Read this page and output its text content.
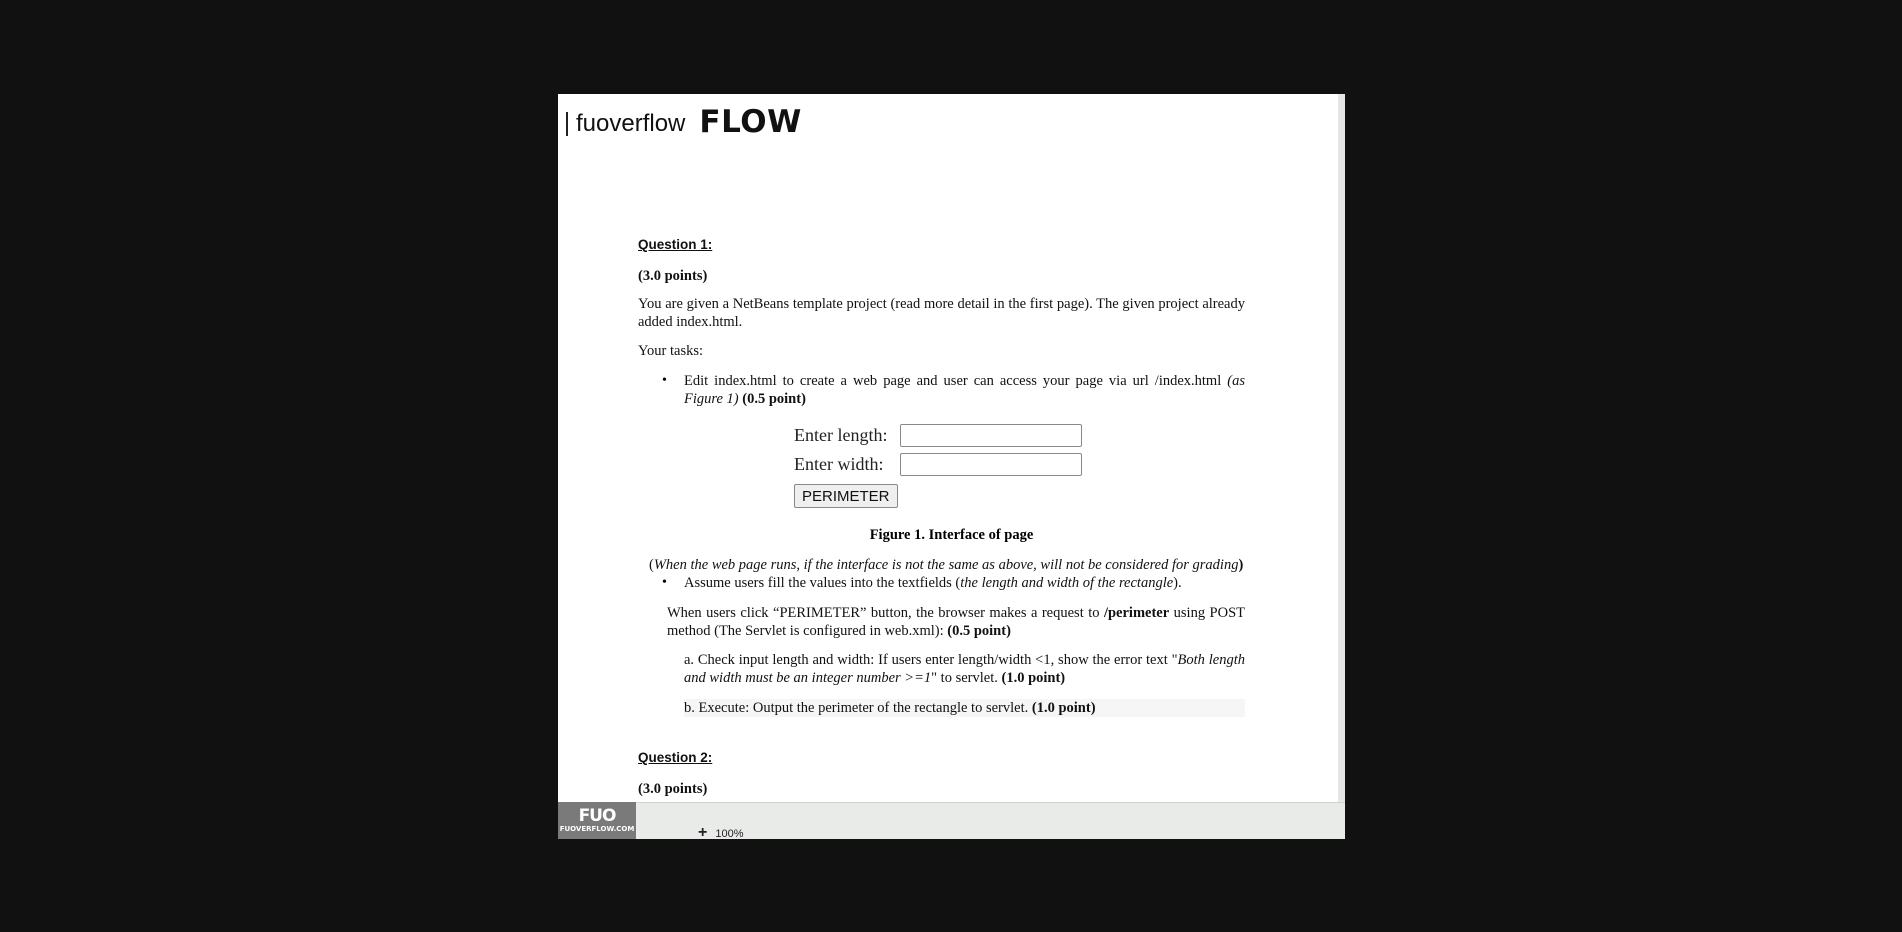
fuoverflow FLOW
Question 1:
(3.0 points)
You are given a NetBeans template project (read more detail in the first page). The given project already added index.html.
Your tasks:
• Edit index.html to create a web page and user can access your page via url /index.html (as Figure 1) (0.5 point)
Enter length:
Enter width:
PERIMETER
Figure 1. Interface of page
(When the web page runs, if the interface is not the same as above, will not be considered for grading)
• Assume users fill the values into the textfields (the length and width of the rectangle).
When users click “PERIMETER” button, the browser makes a request to /perimeter using POST method (The Servlet is configured in web.xml): (0.5 point)
a. Check input length and width: If users enter length/width <1, show the error text "Both length and width must be an integer number >=1" to servlet. (1.0 point)
b. Execute: Output the perimeter of the rectangle to servlet. (1.0 point)
Question 2:
(3.0 points)
FUO
FUOVERFLOW.COM	+ 100%
